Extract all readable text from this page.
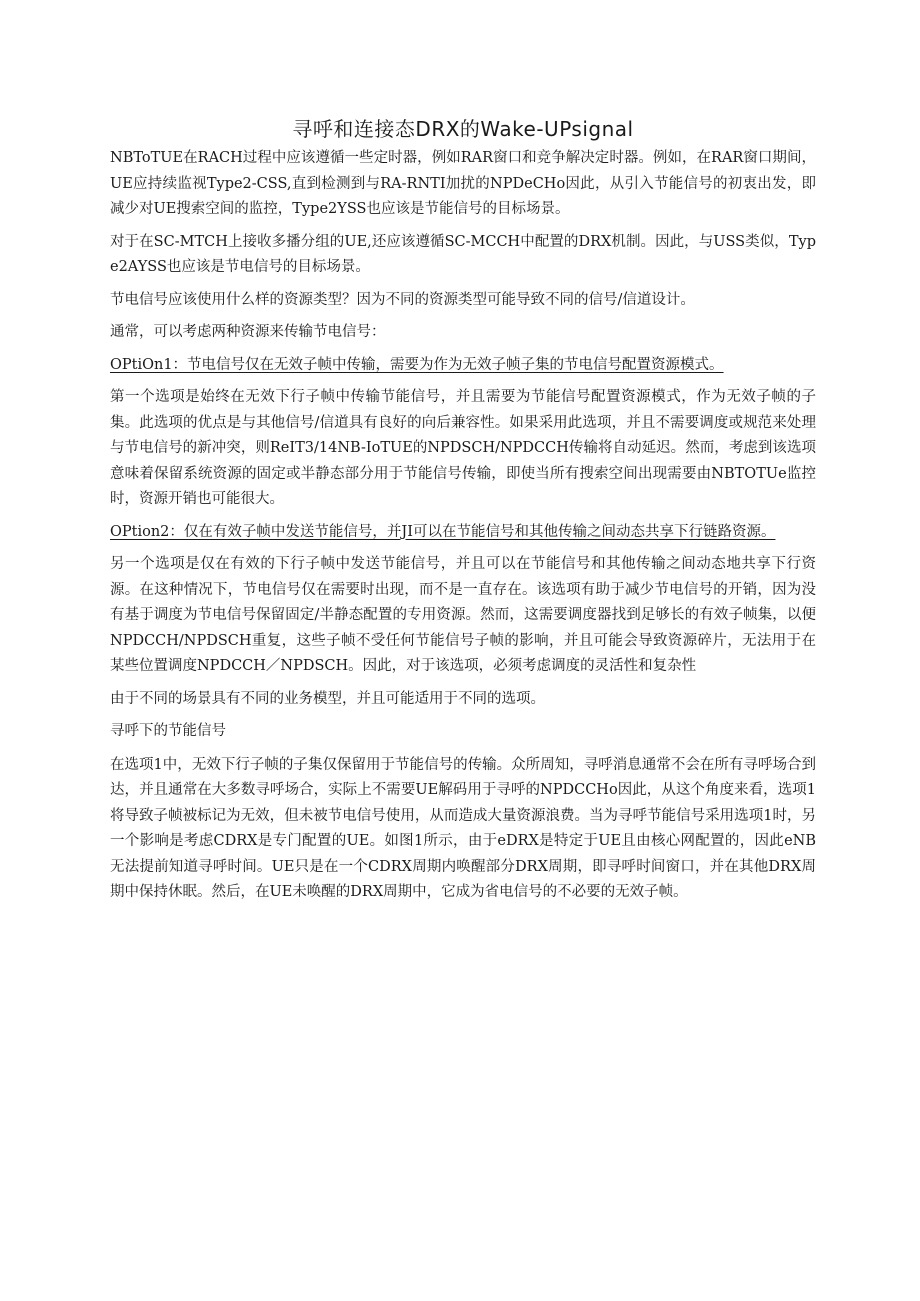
寻呼和连接态DRX的Wake-UPsignal

NBToTUE在RACH过程中应该遵循一些定时器，例如RAR窗口和竞争解决定时器。例如，在RAR窗口期间，UE应持续监视Type2-CSS,直到检测到与RA-RNTI加扰的NPDeCHo因此，从引入节能信号的初衷出发，即减少对UE搜索空间的监控，Type2YSS也应该是节能信号的目标场景。

对于在SC-MTCH上接收多播分组的UE,还应该遵循SC-MCCH中配置的DRX机制。因此，与USS类似，Type2AYSS也应该是节电信号的目标场景。

节电信号应该使用什么样的资源类型？因为不同的资源类型可能导致不同的信号/信道设计。

通常，可以考虑两种资源来传输节电信号：

OPtiOn1：节电信号仅在无效子帧中传输，需要为作为无效子帧子集的节电信号配置资源模式。

第一个选项是始终在无效下行子帧中传输节能信号，并且需要为节能信号配置资源模式，作为无效子帧的子集。此选项的优点是与其他信号/信道具有良好的向后兼容性。如果采用此选项，并且不需要调度或规范来处理与节电信号的新冲突，则ReIT3/14NB-IoTUE的NPDSCH/NPDCCH传输将自动延迟。然而，考虑到该选项意味着保留系统资源的固定或半静态部分用于节能信号传输，即使当所有搜索空间出现需要由NBTOTUe监控时，资源开销也可能很大。

OPtion2：仅在有效子帧中发送节能信号，并JI可以在节能信号和其他传输之间动态共享下行链路资源。

另一个选项是仅在有效的下行子帧中发送节能信号，并且可以在节能信号和其他传输之间动态地共享下行资源。在这种情况下，节电信号仅在需要时出现，而不是一直存在。该选项有助于减少节电信号的开销，因为没有基于调度为节电信号保留固定/半静态配置的专用资源。然而，这需要调度器找到足够长的有效子帧集，以便NPDCCH/NPDSCH重复，这些子帧不受任何节能信号子帧的影响，并且可能会导致资源碎片，无法用于在某些位置调度NPDCCH／NPDSCH。因此，对于该选项，必须考虑调度的灵活性和复杂性

由于不同的场景具有不同的业务模型，并且可能适用于不同的选项。

寻呼下的节能信号

在选项1中，无效下行子帧的子集仅保留用于节能信号的传输。众所周知，寻呼消息通常不会在所有寻呼场合到达，并且通常在大多数寻呼场合，实际上不需要UE解码用于寻呼的NPDCCHo因此，从这个角度来看，选项1将导致子帧被标记为无效，但未被节电信号使用，从而造成大量资源浪费。当为寻呼节能信号采用选项1时，另一个影响是考虑CDRX是专门配置的UE。如图1所示，由于eDRX是特定于UE且由核心网配置的，因此eNB无法提前知道寻呼时间。UE只是在一个CDRX周期内唤醒部分DRX周期，即寻呼时间窗口，并在其他DRX周期中保持休眠。然后，在UE未唤醒的DRX周期中，它成为省电信号的不必要的无效子帧。
